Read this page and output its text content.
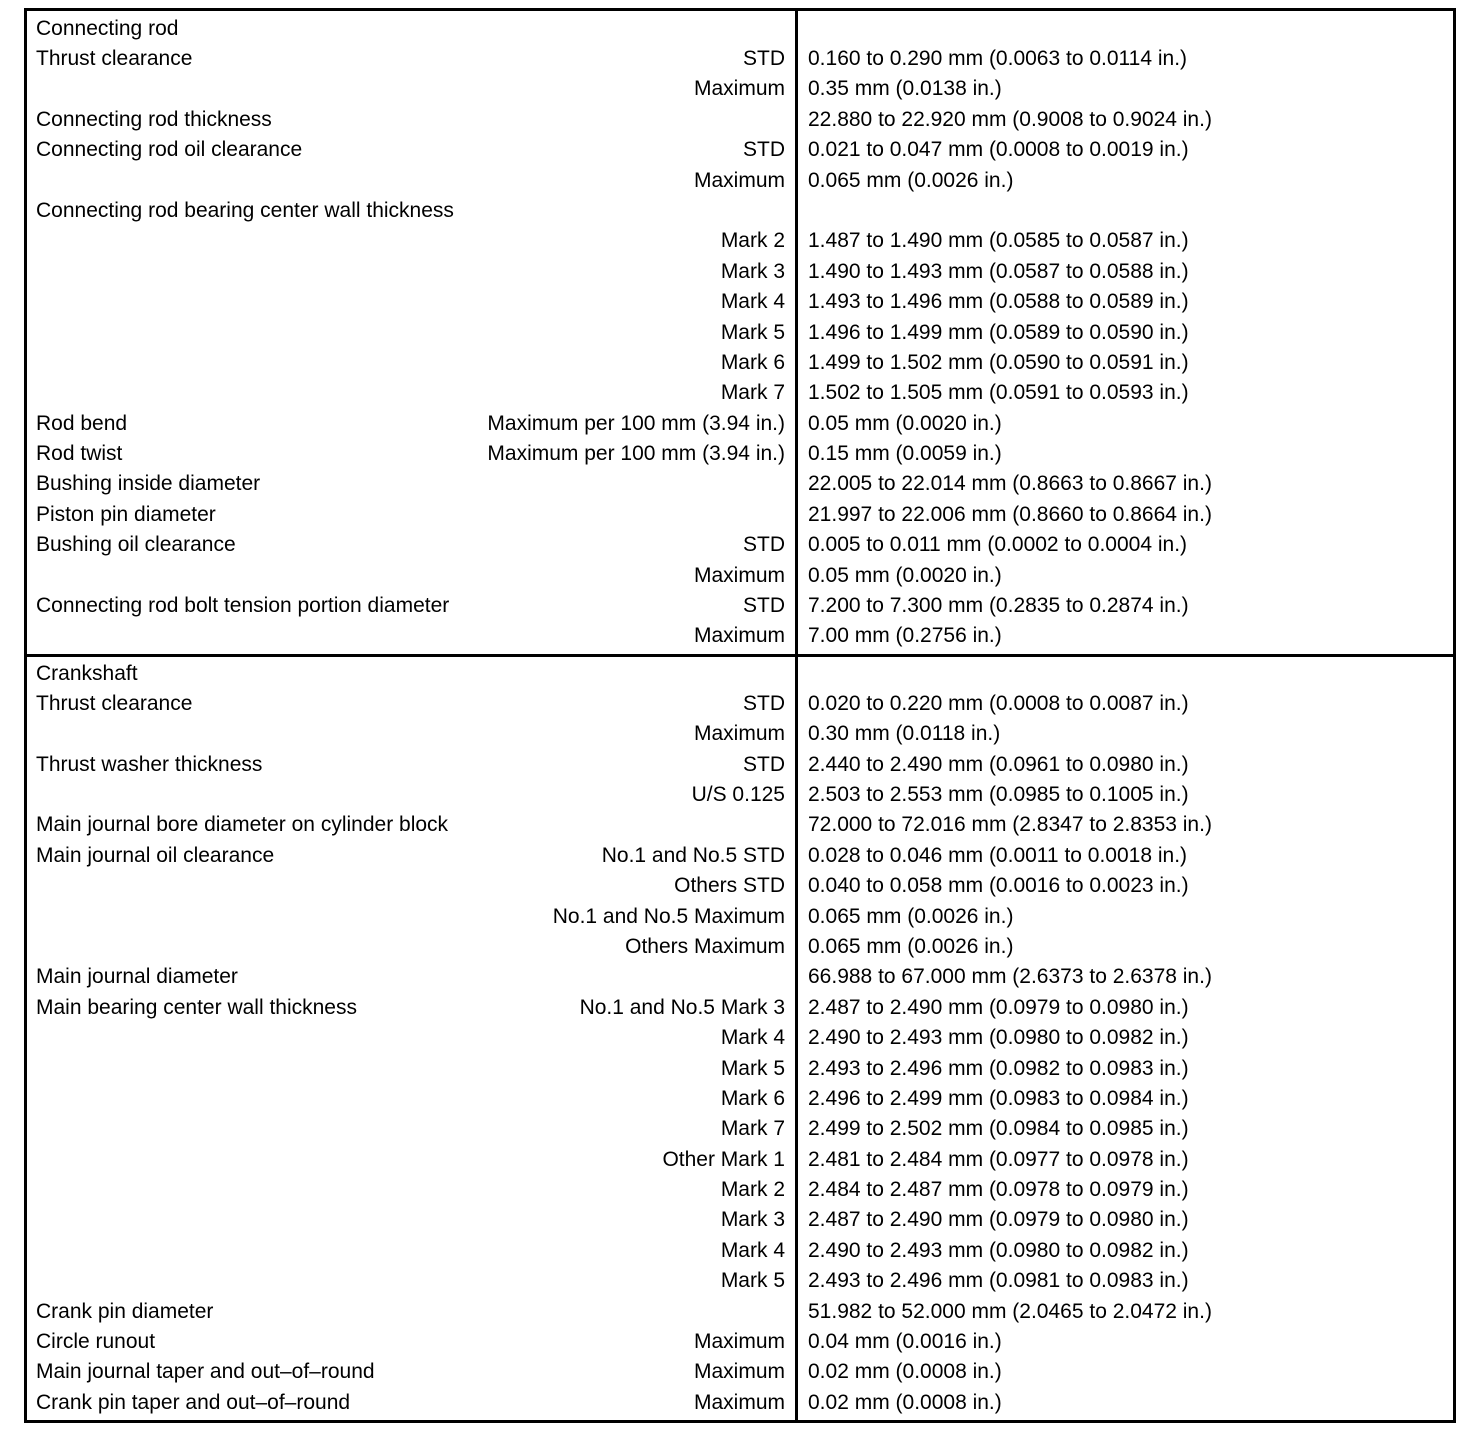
Connecting rod
Thrust clearance	STD	0.160 to 0.290 mm (0.0063 to 0.0114 in.)
Maximum	0.35 mm (0.0138 in.)
Connecting rod thickness	22.880 to 22.920 mm (0.9008 to 0.9024 in.)
Connecting rod oil clearance	STD	0.021 to 0.047 mm (0.0008 to 0.0019 in.)
Maximum	0.065 mm (0.0026 in.)
Connecting rod bearing center wall thickness
Mark 2	1.487 to 1.490 mm (0.0585 to 0.0587 in.)
Mark 3	1.490 to 1.493 mm (0.0587 to 0.0588 in.)
Mark 4	1.493 to 1.496 mm (0.0588 to 0.0589 in.)
Mark 5	1.496 to 1.499 mm (0.0589 to 0.0590 in.)
Mark 6	1.499 to 1.502 mm (0.0590 to 0.0591 in.)
Mark 7	1.502 to 1.505 mm (0.0591 to 0.0593 in.)
Rod bend	Maximum per 100 mm (3.94 in.)	0.05 mm (0.0020 in.)
Rod twist	Maximum per 100 mm (3.94 in.)	0.15 mm (0.0059 in.)
Bushing inside diameter	22.005 to 22.014 mm (0.8663 to 0.8667 in.)
Piston pin diameter	21.997 to 22.006 mm (0.8660 to 0.8664 in.)
Bushing oil clearance	STD	0.005 to 0.011 mm (0.0002 to 0.0004 in.)
Maximum	0.05 mm (0.0020 in.)
Connecting rod bolt tension portion diameter	STD	7.200 to 7.300 mm (0.2835 to 0.2874 in.)
Maximum	7.00 mm (0.2756 in.)
Crankshaft
Thrust clearance	STD	0.020 to 0.220 mm (0.0008 to 0.0087 in.)
Maximum	0.30 mm (0.0118 in.)
Thrust washer thickness	STD	2.440 to 2.490 mm (0.0961 to 0.0980 in.)
U/S 0.125	2.503 to 2.553 mm (0.0985 to 0.1005 in.)
Main journal bore diameter on cylinder block	72.000 to 72.016 mm (2.8347 to 2.8353 in.)
Main journal oil clearance	No.1 and No.5 STD	0.028 to 0.046 mm (0.0011 to 0.0018 in.)
Others STD	0.040 to 0.058 mm (0.0016 to 0.0023 in.)
No.1 and No.5 Maximum	0.065 mm (0.0026 in.)
Others Maximum	0.065 mm (0.0026 in.)
Main journal diameter	66.988 to 67.000 mm (2.6373 to 2.6378 in.)
Main bearing center wall thickness	No.1 and No.5 Mark 3	2.487 to 2.490 mm (0.0979 to 0.0980 in.)
Mark 4	2.490 to 2.493 mm (0.0980 to 0.0982 in.)
Mark 5	2.493 to 2.496 mm (0.0982 to 0.0983 in.)
Mark 6	2.496 to 2.499 mm (0.0983 to 0.0984 in.)
Mark 7	2.499 to 2.502 mm (0.0984 to 0.0985 in.)
Other Mark 1	2.481 to 2.484 mm (0.0977 to 0.0978 in.)
Mark 2	2.484 to 2.487 mm (0.0978 to 0.0979 in.)
Mark 3	2.487 to 2.490 mm (0.0979 to 0.0980 in.)
Mark 4	2.490 to 2.493 mm (0.0980 to 0.0982 in.)
Mark 5	2.493 to 2.496 mm (0.0981 to 0.0983 in.)
Crank pin diameter	51.982 to 52.000 mm (2.0465 to 2.0472 in.)
Circle runout	Maximum	0.04 mm (0.0016 in.)
Main journal taper and out–of–round	Maximum	0.02 mm (0.0008 in.)
Crank pin taper and out–of–round	Maximum	0.02 mm (0.0008 in.)
